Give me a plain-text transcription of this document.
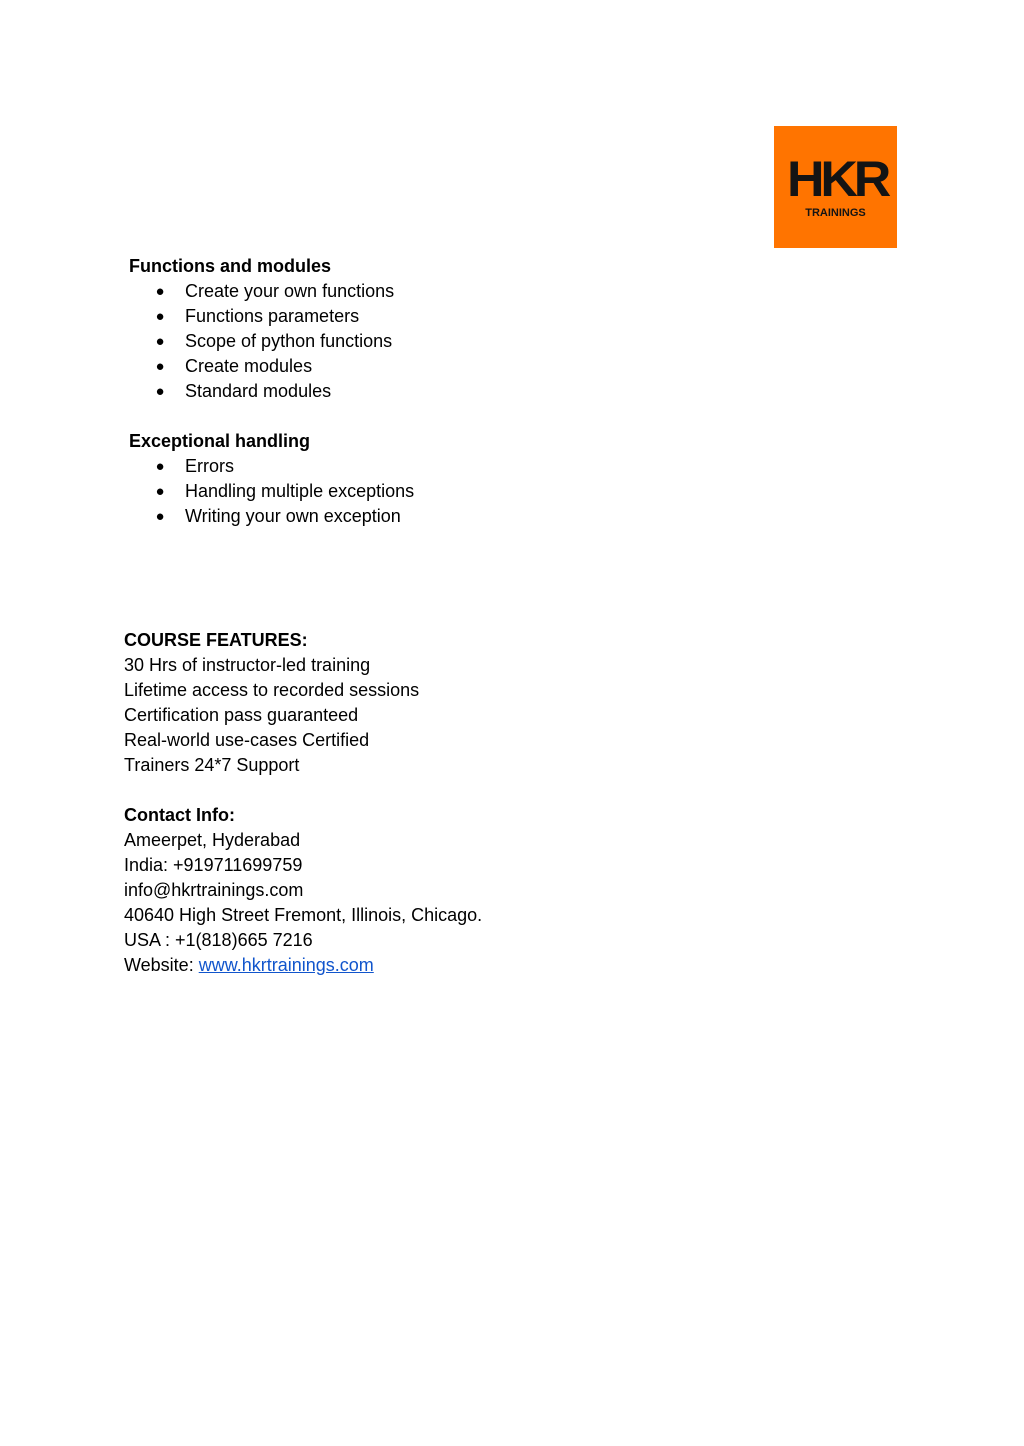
HKR
TRAININGS
Functions and modules
● Create your own functions
● Functions parameters
● Scope of python functions
● Create modules
● Standard modules
Exceptional handling
● Errors
● Handling multiple exceptions
● Writing your own exception
COURSE FEATURES:
30 Hrs of instructor-led training
Lifetime access to recorded sessions
Certification pass guaranteed
Real-world use-cases Certified
Trainers 24*7 Support
Contact Info:
Ameerpet, Hyderabad
India: +919711699759
info@hkrtrainings.com
40640 High Street Fremont, Illinois, Chicago.
USA : +1(818)665 7216
Website: www.hkrtrainings.com
